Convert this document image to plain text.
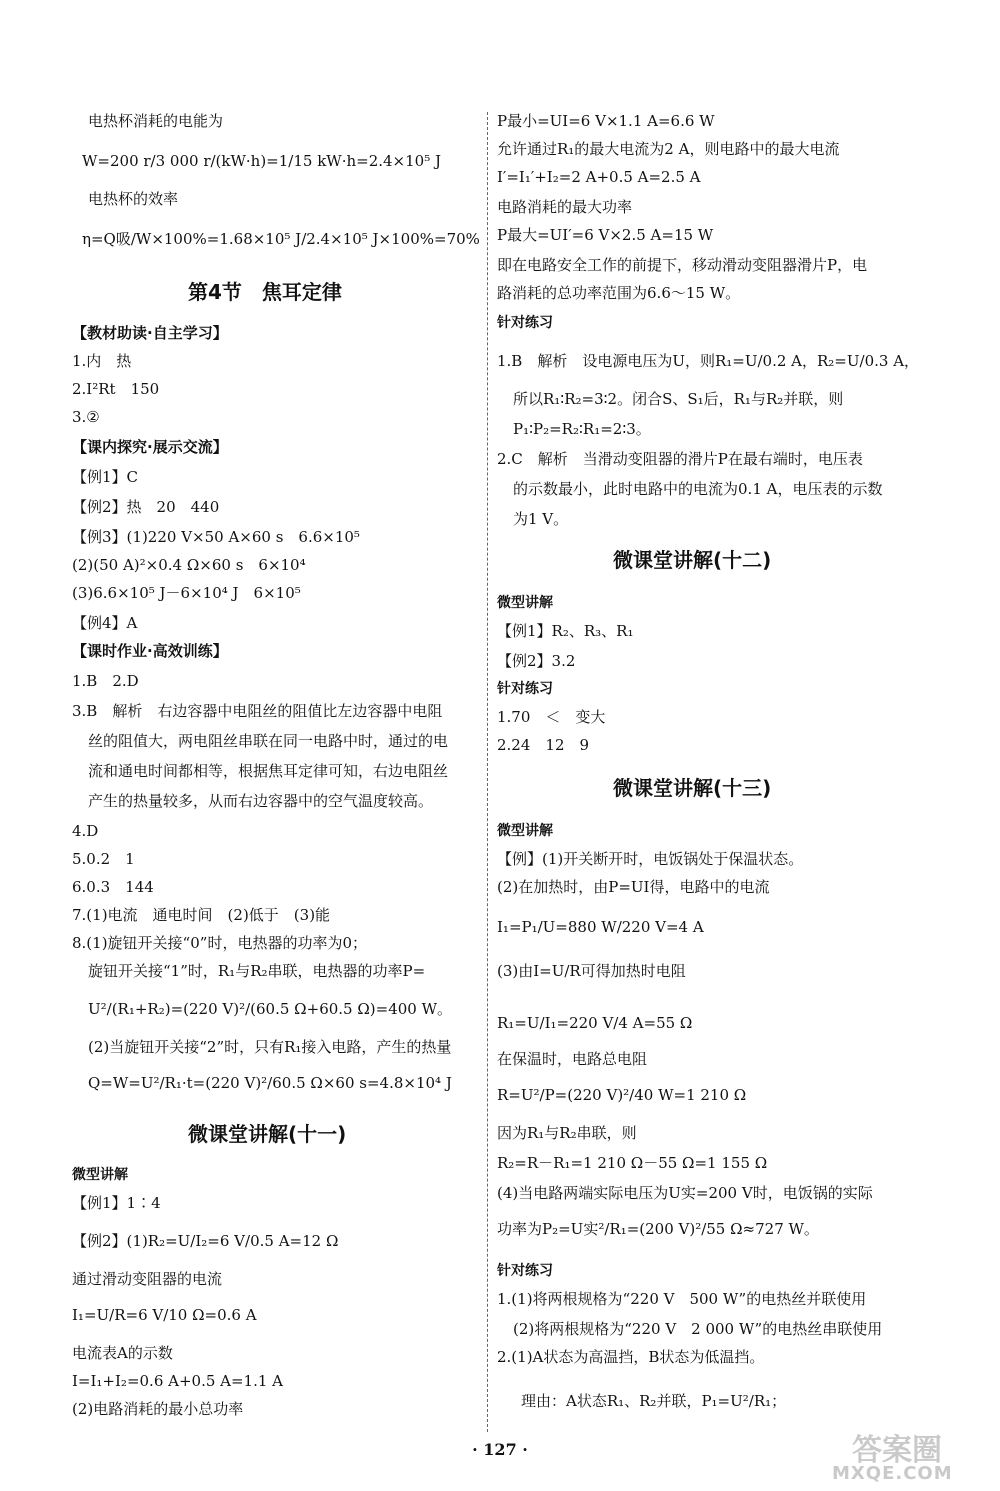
电热杯消耗的电能为
W=200 r/3 000 r/(kW·h)=1/15 kW·h=2.4×10⁵ J
电热杯的效率
η=Q吸/W×100%=1.68×10⁵ J/2.4×10⁵ J×100%=70%
【教材助读·自主学习】
1.内　热
2.I²Rt　150
3.②
【课内探究·展示交流】
【例1】C
【例2】热　20　440
【例3】(1)220 V×50 A×60 s　6.6×10⁵
(2)(50 A)²×0.4 Ω×60 s　6×10⁴
(3)6.6×10⁵ J－6×10⁴ J　6×10⁵
【例4】A
【课时作业·高效训练】
1.B　2.D
3.B　解析　右边容器中电阻丝的阻值比左边容器中电阻
丝的阻值大，两电阻丝串联在同一电路中时，通过的电
流和通电时间都相等，根据焦耳定律可知，右边电阻丝
产生的热量较多，从而右边容器中的空气温度较高。
4.D
5.0.2　1
6.0.3　144
7.(1)电流　通电时间　(2)低于　(3)能
8.(1)旋钮开关接“0”时，电热器的功率为0；
旋钮开关接“1”时，R₁与R₂串联，电热器的功率P=
U²/(R₁+R₂)=(220 V)²/(60.5 Ω+60.5 Ω)=400 W。
(2)当旋钮开关接“2”时，只有R₁接入电路，产生的热量
Q=W=U²/R₁·t=(220 V)²/60.5 Ω×60 s=4.8×10⁴ J
微型讲解
【例1】1∶4
【例2】(1)R₂=U/I₂=6 V/0.5 A=12 Ω
通过滑动变阻器的电流
I₁=U/R=6 V/10 Ω=0.6 A
电流表A的示数
I=I₁+I₂=0.6 A+0.5 A=1.1 A
(2)电路消耗的最小总功率
第4节　焦耳定律
微课堂讲解(十一)
P最小=UI=6 V×1.1 A=6.6 W
允许通过R₁的最大电流为2 A，则电路中的最大电流
I′=I₁′+I₂=2 A+0.5 A=2.5 A
电路消耗的最大功率
P最大=UI′=6 V×2.5 A=15 W
即在电路安全工作的前提下，移动滑动变阻器滑片P，电
路消耗的总功率范围为6.6～15 W。
针对练习
1.B　解析　设电源电压为U，则R₁=U/0.2 A，R₂=U/0.3 A，
所以R₁∶R₂=3∶2。闭合S、S₁后，R₁与R₂并联，则
P₁∶P₂=R₂∶R₁=2∶3。
2.C　解析　当滑动变阻器的滑片P在最右端时，电压表
的示数最小，此时电路中的电流为0.1 A，电压表的示数
为1 V。
微型讲解
【例1】R₂、R₃、R₁
【例2】3.2
针对练习
1.70　＜　变大
2.24　12　9
微型讲解
【例】(1)开关断开时，电饭锅处于保温状态。
(2)在加热时，由P=UI得，电路中的电流
I₁=P₁/U=880 W/220 V=4 A
(3)由I=U/R可得加热时电阻
R₁=U/I₁=220 V/4 A=55 Ω
在保温时，电路总电阻
R=U²/P=(220 V)²/40 W=1 210 Ω
因为R₁与R₂串联，则
R₂=R－R₁=1 210 Ω－55 Ω=1 155 Ω
(4)当电路两端实际电压为U实=200 V时，电饭锅的实际
功率为P₂=U实²/R₁=(200 V)²/55 Ω≈727 W。
针对练习
1.(1)将两根规格为“220 V　500 W”的电热丝并联使用
(2)将两根规格为“220 V　2 000 W”的电热丝串联使用
2.(1)A状态为高温挡，B状态为低温挡。
理由：A状态R₁、R₂并联，P₁=U²/R₁；
微课堂讲解(十二)
微课堂讲解(十三)
· 127 ·	答案圈
MXQE.COM
